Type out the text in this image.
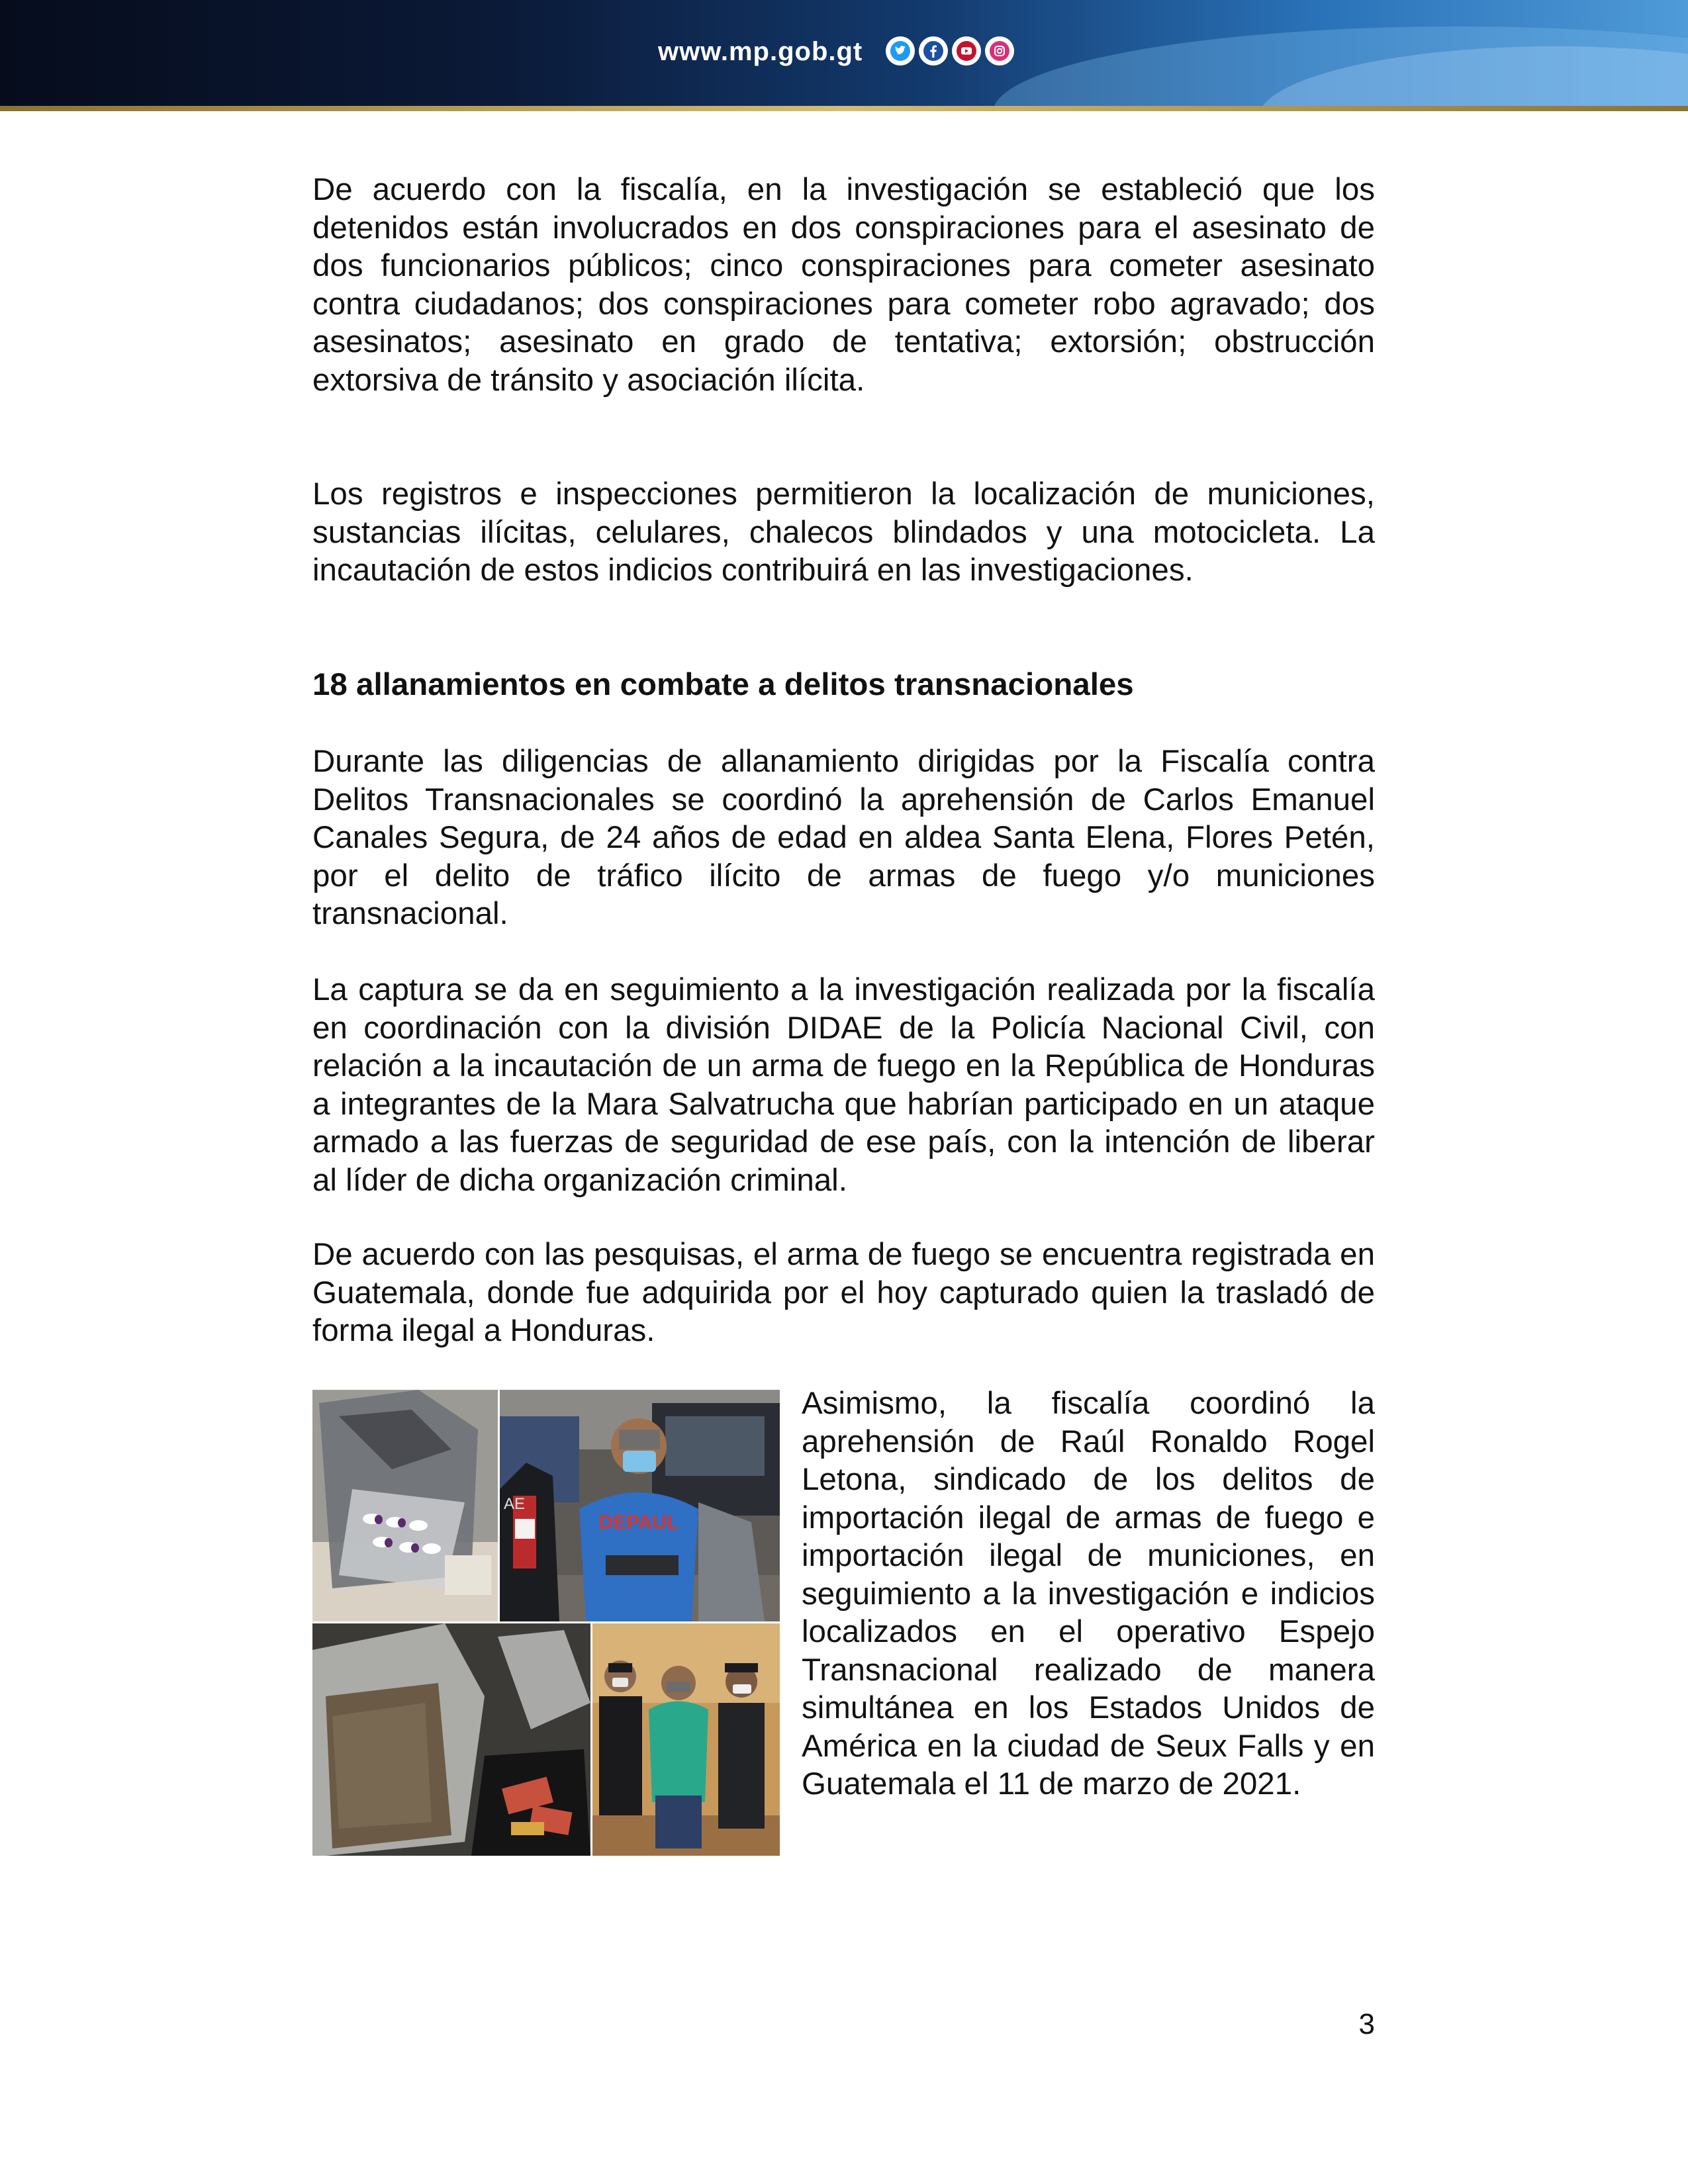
www.mp.gob.gt

De acuerdo con la fiscalía, en la investigación se estableció que los detenidos están involucrados en dos conspiraciones para el asesinato de dos funcionarios públicos; cinco conspiraciones para cometer asesinato contra ciudadanos; dos conspiraciones para cometer robo agravado; dos asesinatos; asesinato en grado de tentativa; extorsión; obstrucción extorsiva de tránsito y asociación ilícita.

Los registros e inspecciones permitieron la localización de municiones, sustancias ilícitas, celulares, chalecos blindados y una motocicleta. La incautación de estos indicios contribuirá en las investigaciones.

18 allanamientos en combate a delitos transnacionales

Durante las diligencias de allanamiento dirigidas por la Fiscalía contra Delitos Transnacionales se coordinó la aprehensión de Carlos Emanuel Canales Segura, de 24 años de edad en aldea Santa Elena, Flores Petén, por el delito de tráfico ilícito de armas de fuego y/o municiones transnacional.

La captura se da en seguimiento a la investigación realizada por la fiscalía en coordinación con la división DIDAE de la Policía Nacional Civil, con relación a la incautación de un arma de fuego en la República de Honduras a integrantes de la Mara Salvatrucha que habrían participado en un ataque armado a las fuerzas de seguridad de ese país, con la intención de liberar al líder de dicha organización criminal.

De acuerdo con las pesquisas, el arma de fuego se encuentra registrada en Guatemala, donde fue adquirida por el hoy capturado quien la trasladó de forma ilegal a Honduras.

DEPAUL
AE

Asimismo, la fiscalía coordinó la aprehensión de Raúl Ronaldo Rogel Letona, sindicado de los delitos de importación ilegal de armas de fuego e importación ilegal de municiones, en seguimiento a la investigación e indicios localizados en el operativo Espejo Transnacional realizado de manera simultánea en los Estados Unidos de América en la ciudad de Seux Falls y en Guatemala el 11 de marzo de 2021.

3
